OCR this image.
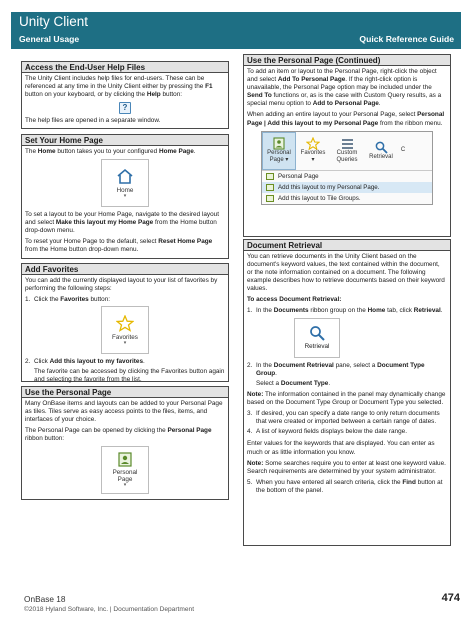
Unity Client
General Usage	Quick Reference Guide
Access the End-User Help Files
The Unity Client includes help files for end-users. These can be referenced at any time in the Unity Client either by pressing the F1 button on your keyboard, or by clicking the Help button:
?
The help files are opened in a separate window.
Set Your Home Page
The Home button takes you to your configured Home Page.
Home
▾
To set a layout to be your Home Page, navigate to the desired layout and select Make this layout my Home Page from the Home button drop-down menu.
To reset your Home Page to the default, select Reset Home Page from the Home button drop-down menu.
Add Favorites
You can add the currently displayed layout to your list of favorites by performing the following steps:
1. Click the Favorites button:
Favorites
▾
2. Click Add this layout to my favorites.
The favorite can be accessed by clicking the Favorites button again and selecting the favorite from the list.
Use the Personal Page
Many OnBase items and layouts can be added to your Personal Page as tiles. Tiles serve as easy access points to the files, items, and interfaces of your choice.
The Personal Page can be opened by clicking the Personal Page ribbon button:
Personal
Page
▾
Use the Personal Page (Continued)
To add an item or layout to the Personal Page, right-click the object and select Add To Personal Page. If the right-click option is unavailable, the Personal Page option may be included under the Send To functions or, as is the case with Custom Query results, as a special menu option to Add to Personal Page.
When adding an entire layout to your Personal Page, select Personal Page | Add this layout to my Personal Page from the ribbon menu.
Personal
Page ▾
Favorites
▾
Custom
Queries Retrieval
C
Personal Page
Add this layout to my Personal Page.
Add this layout to Tile Groups.
Document Retrieval
You can retrieve documents in the Unity Client based on the document's keyword values, the text contained within the document, or the note information contained on a document. The following example describes how to retrieve documents based on their keyword values.
To access Document Retrieval:
1. In the Documents ribbon group on the Home tab, click Retrieval.
Retrieval
2. In the Document Retrieval pane, select a Document Type Group.
Select a Document Type.
Note: The information contained in the panel may dynamically change based on the Document Type Group or Document Type you selected.
3. If desired, you can specify a date range to only return documents that were created or imported between a certain range of dates.
4. A list of keyword fields displays below the date range.
Enter values for the keywords that are displayed. You can enter as much or as little information you know.
Note: Some searches require you to enter at least one keyword value. Search requirements are determined by your system administrator.
5. When you have entered all search criteria, click the Find button at the bottom of the panel.
OnBase 18
©2018 Hyland Software, Inc. | Documentation Department
474
